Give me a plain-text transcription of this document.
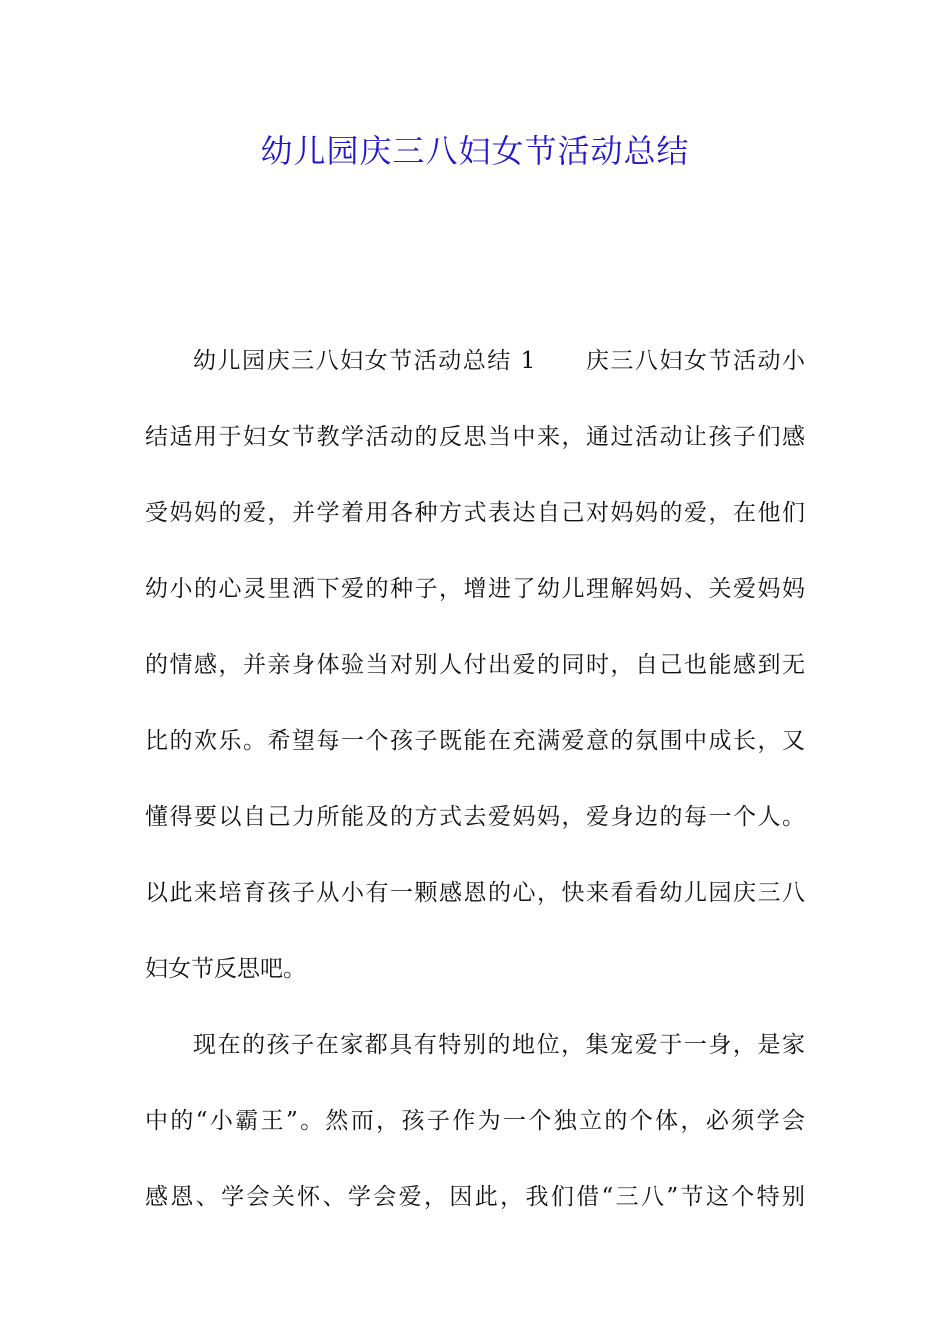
幼儿园庆三八妇女节活动总结
幼儿园庆三八妇女节活动总结 1　　庆三八妇女节活动小
结适用于妇女节教学活动的反思当中来，通过活动让孩子们感
受妈妈的爱，并学着用各种方式表达自己对妈妈的爱，在他们
幼小的心灵里洒下爱的种子，增进了幼儿理解妈妈、关爱妈妈
的情感，并亲身体验当对别人付出爱的同时，自己也能感到无
比的欢乐。希望每一个孩子既能在充满爱意的氛围中成长，又
懂得要以自己力所能及的方式去爱妈妈，爱身边的每一个人。
以此来培育孩子从小有一颗感恩的心，快来看看幼儿园庆三八
妇女节反思吧。
现在的孩子在家都具有特别的地位，集宠爱于一身，是家
中的“小霸王”。然而，孩子作为一个独立的个体，必须学会
感恩、学会关怀、学会爱，因此，我们借“三八”节这个特别
